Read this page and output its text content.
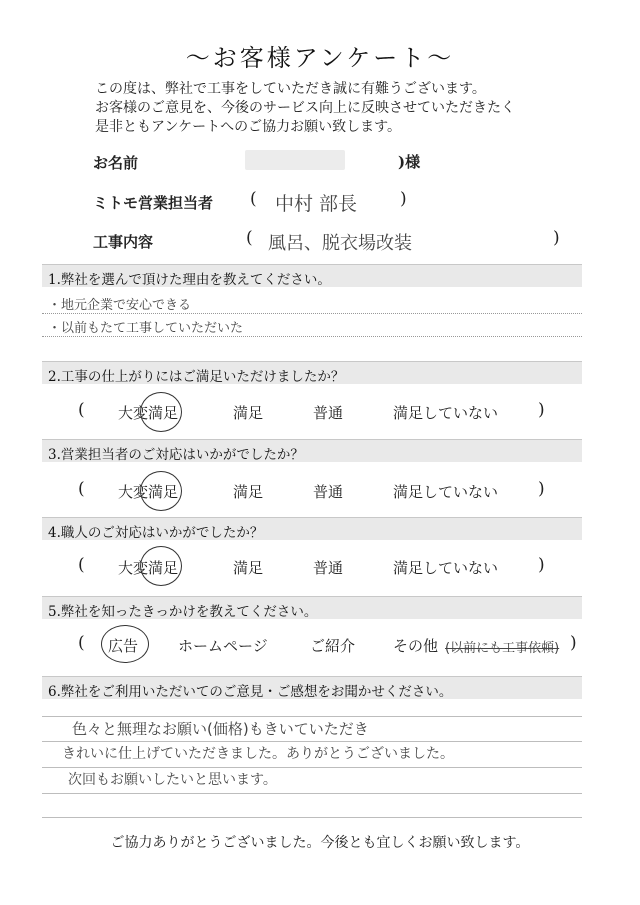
〜お客様アンケート〜
この度は、弊社で工事をしていただき誠に有難うございます。
お客様のご意見を、今後のサービス向上に反映させていただきたく
是非ともアンケートへのご協力お願い致します。
お名前	)様
ミトモ営業担当者 ( 中村 部長	)
工事内容	( 風呂、脱衣場改装	)
1.弊社を選んで頂けた理由を教えてください。
・地元企業で安心できる
・以前もたて工事していただいた
2.工事の仕上がりにはご満足いただけましたか？
( 大変満足	満足	普通	満足していない )
3.営業担当者のご対応はいかがでしたか？
( 大変満足	満足	普通	満足していない )
4.職人のご対応はいかがでしたか？
( 大変満足	満足	普通	満足していない )
5.弊社を知ったきっかけを教えてください。
( 広告	ホームページ	ご紹介	その他 (以前にも工事依頼) )
6.弊社をご利用いただいてのご意見・ご感想をお聞かせください。
色々と無理なお願い(価格)もきいていただき
きれいに仕上げていただきました。ありがとうございました。
次回もお願いしたいと思います。
ご協力ありがとうございました。今後とも宜しくお願い致します。
